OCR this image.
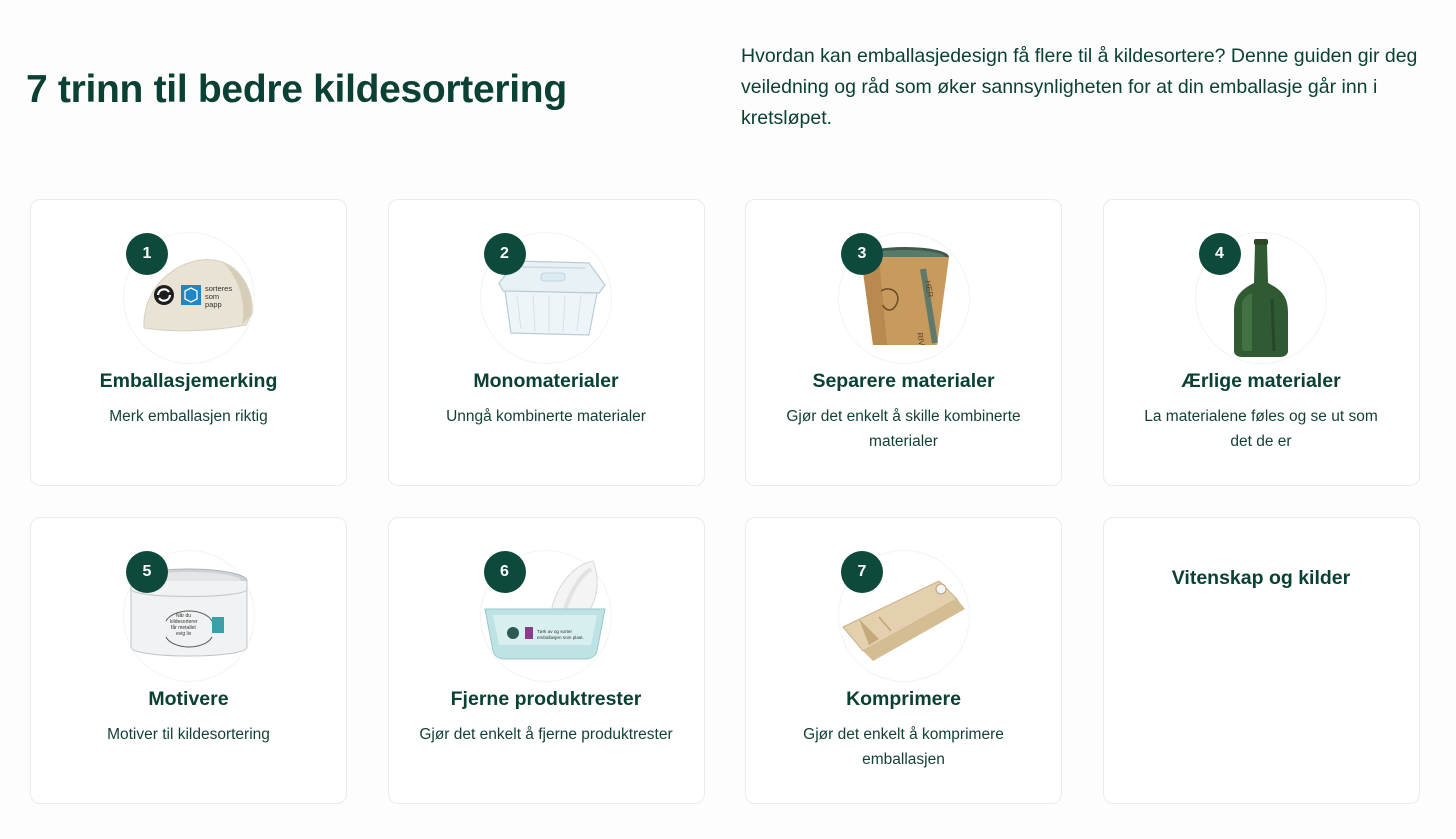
7 trinn til bedre kildesortering

Hvordan kan emballasjedesign få flere til å kildesortere? Denne guiden gir deg veiledning og råd som øker sannsynligheten for at din emballasje går inn i kretsløpet.

sorteres
som
papp
1
Emballasjemerking
Merk emballasjen riktig
2
Monomaterialer
Unngå kombinerte materialer
HER
RIV
3
Separere materialer
Gjør det enkelt å skille kombinerte materialer
4
Ærlige materialer
La materialene føles og se ut som det de er
Når du
kildesorterer
får metallet
evig liv
5
Motivere
Motiver til kildesortering
Tørk av og sorter
emballasjen som plast.
6
Fjerne produktrester
Gjør det enkelt å fjerne produktrester
7
Komprimere
Gjør det enkelt å komprimere emballasjen
Vitenskap og kilder
